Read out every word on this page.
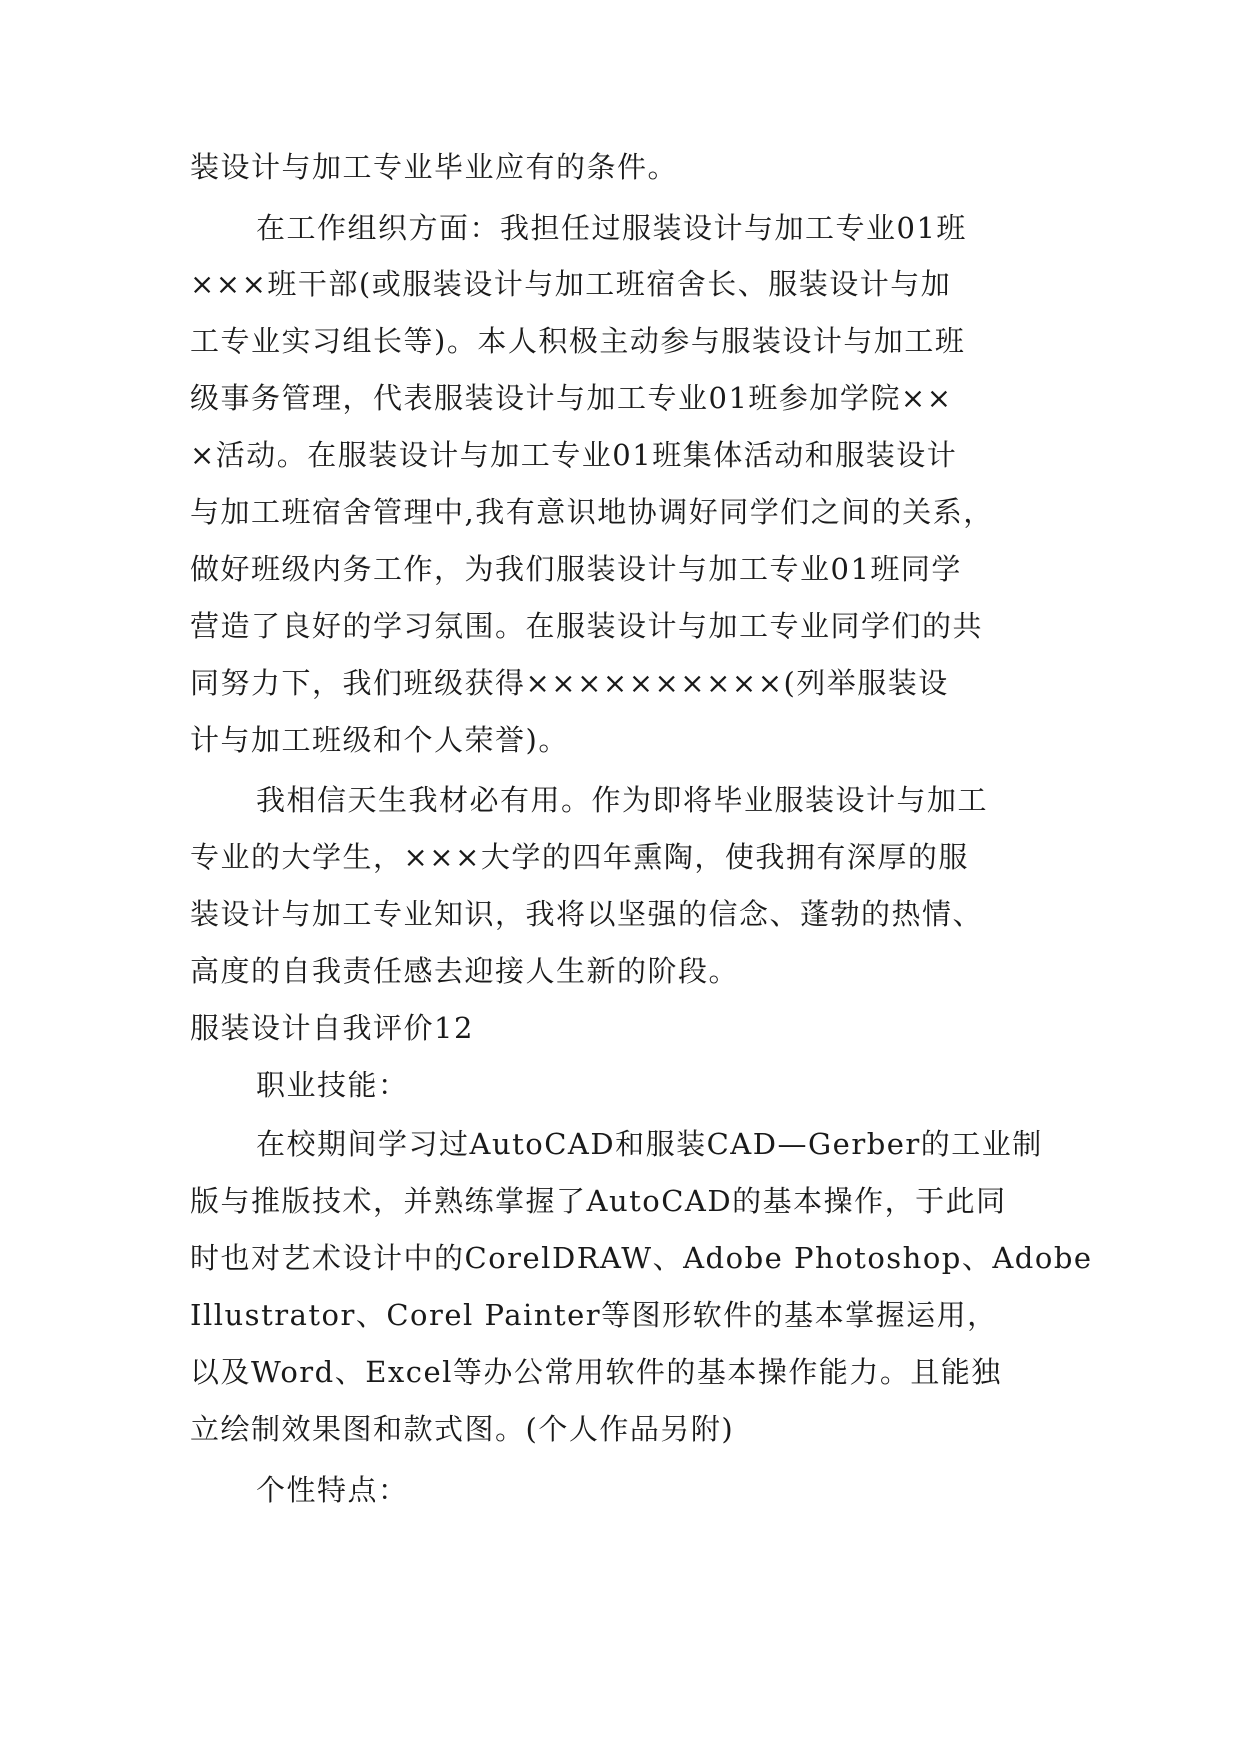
装设计与加工专业毕业应有的条件。
在工作组织方面：我担任过服装设计与加工专业01班
×××班干部(或服装设计与加工班宿舍长、服装设计与加
工专业实习组长等)。本人积极主动参与服装设计与加工班
级事务管理，代表服装设计与加工专业01班参加学院××
×活动。在服装设计与加工专业01班集体活动和服装设计
与加工班宿舍管理中,我有意识地协调好同学们之间的关系，
做好班级内务工作，为我们服装设计与加工专业01班同学
营造了良好的学习氛围。在服装设计与加工专业同学们的共
同努力下，我们班级获得××××××××××(列举服装设
计与加工班级和个人荣誉)。
我相信天生我材必有用。作为即将毕业服装设计与加工
专业的大学生，×××大学的四年熏陶，使我拥有深厚的服
装设计与加工专业知识，我将以坚强的信念、蓬勃的热情、
高度的自我责任感去迎接人生新的阶段。
服装设计自我评价12
职业技能：
在校期间学习过AutoCAD和服装CAD—Gerber的工业制
版与推版技术，并熟练掌握了AutoCAD的基本操作，于此同
时也对艺术设计中的CorelDRAW、Adobe Photoshop、Adobe
Illustrator、Corel Painter等图形软件的基本掌握运用，
以及Word、Excel等办公常用软件的基本操作能力。且能独
立绘制效果图和款式图。(个人作品另附)
个性特点：
